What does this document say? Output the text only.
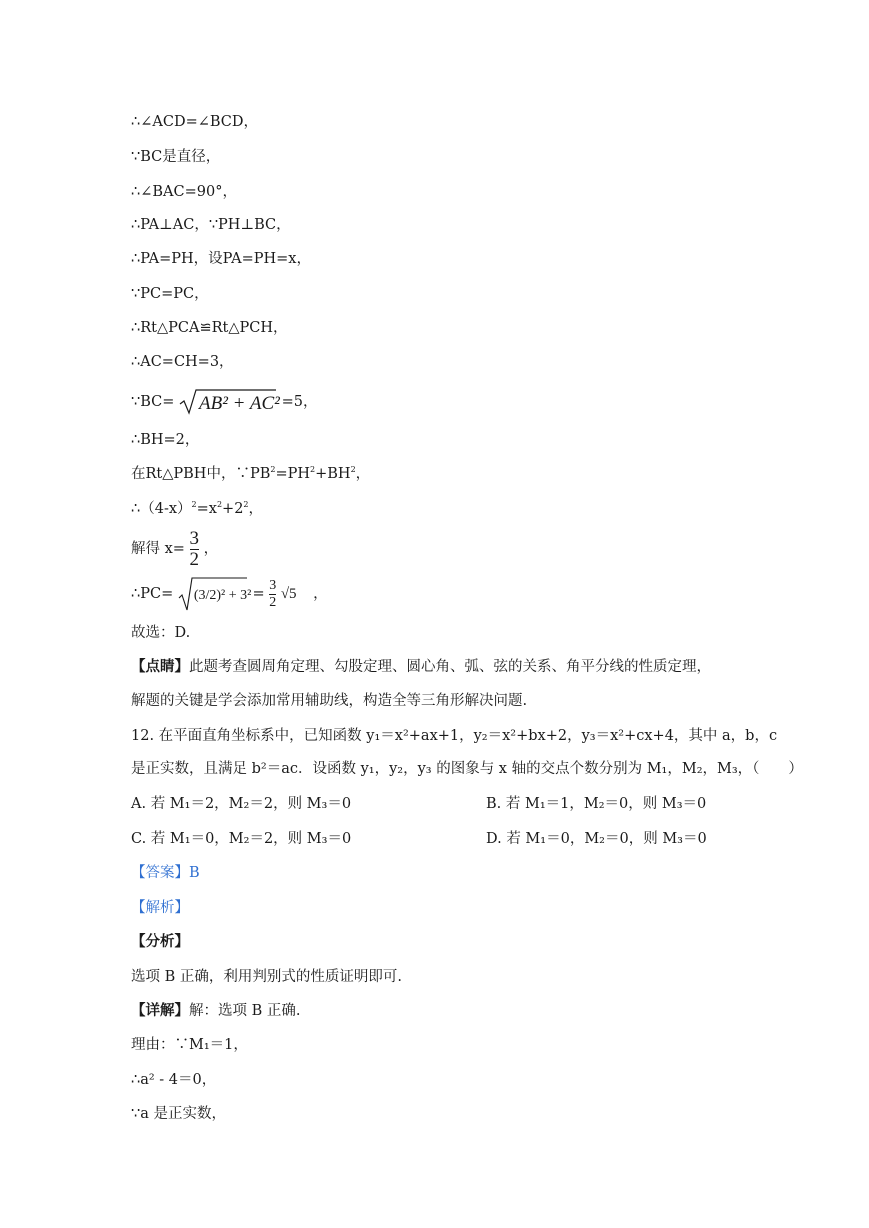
∴∠ACD=∠BCD，
∵BC是直径，
∴∠BAC=90°，
∴PA⊥AC，∵PH⊥BC，
∴PA=PH，设PA=PH=x，
∵PC=PC，
∴Rt△PCA≌Rt△PCH，
∴AC=CH=3，
∵BC= AB² + AC² =5，
∴BH=2，
在Rt△PBH中，$\because PB^2=PH^2+BH^2$，
$\therefore(4-x)^2=x^2+2^2$，
解得 $x= \frac{3}{2}$ ，
∴PC= $(3/2)^2 + 3^2 = \frac{3}{2} √5$ ，
故选：D.
【点睛】此题考查圆周角定理、勾股定理、圆心角、弧、弦的关系、角平分线的性质定理，
解题的关键是学会添加常用辅助线，构造全等三角形解决问题.
12. 在平面直角坐标系中，已知函数 y₁＝x²+ax+1，y₂＝x²+bx+2，y₃＝x²+cx+4，其中 a，b，c
是正实数，且满足 b²＝ac．设函数 y₁，y₂，y₃ 的图象与 x 轴的交点个数分别为 M₁，M₂，M₃，（　　）
A. 若 M₁＝2，M₂＝2，则 M₃＝0	B. 若 M₁＝1，M₂＝0，则 M₃＝0
C. 若 M₁＝0，M₂＝2，则 M₃＝0	D. 若 M₁＝0，M₂＝0，则 M₃＝0
【答案】B
【解析】
【分析】
选项 B 正确，利用判别式的性质证明即可.
【详解】解：选项 B 正确.
理由：∵M₁＝1，
∴a² - 4＝0，
∵a 是正实数，
